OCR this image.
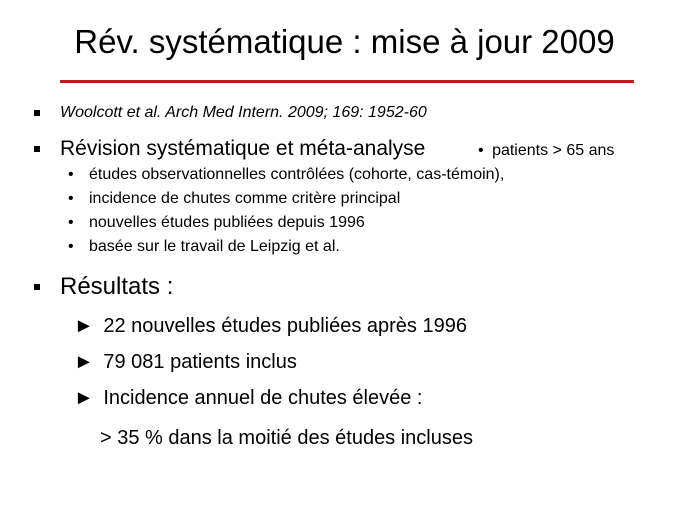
Rév. systématique : mise à jour 2009
Woolcott et al. Arch Med Intern. 2009; 169: 1952-60
Révision systématique et méta-analyse	• patients > 65 ans
• études observationnelles contrôlées (cohorte, cas-témoin),
• incidence de chutes comme critère principal
• nouvelles études publiées depuis 1996
• basée sur le travail de Leipzig et al.
Résultats :
► 22 nouvelles études publiées après 1996
► 79 081 patients inclus
► Incidence annuel de chutes élevée :
> 35 % dans la moitié des études incluses
